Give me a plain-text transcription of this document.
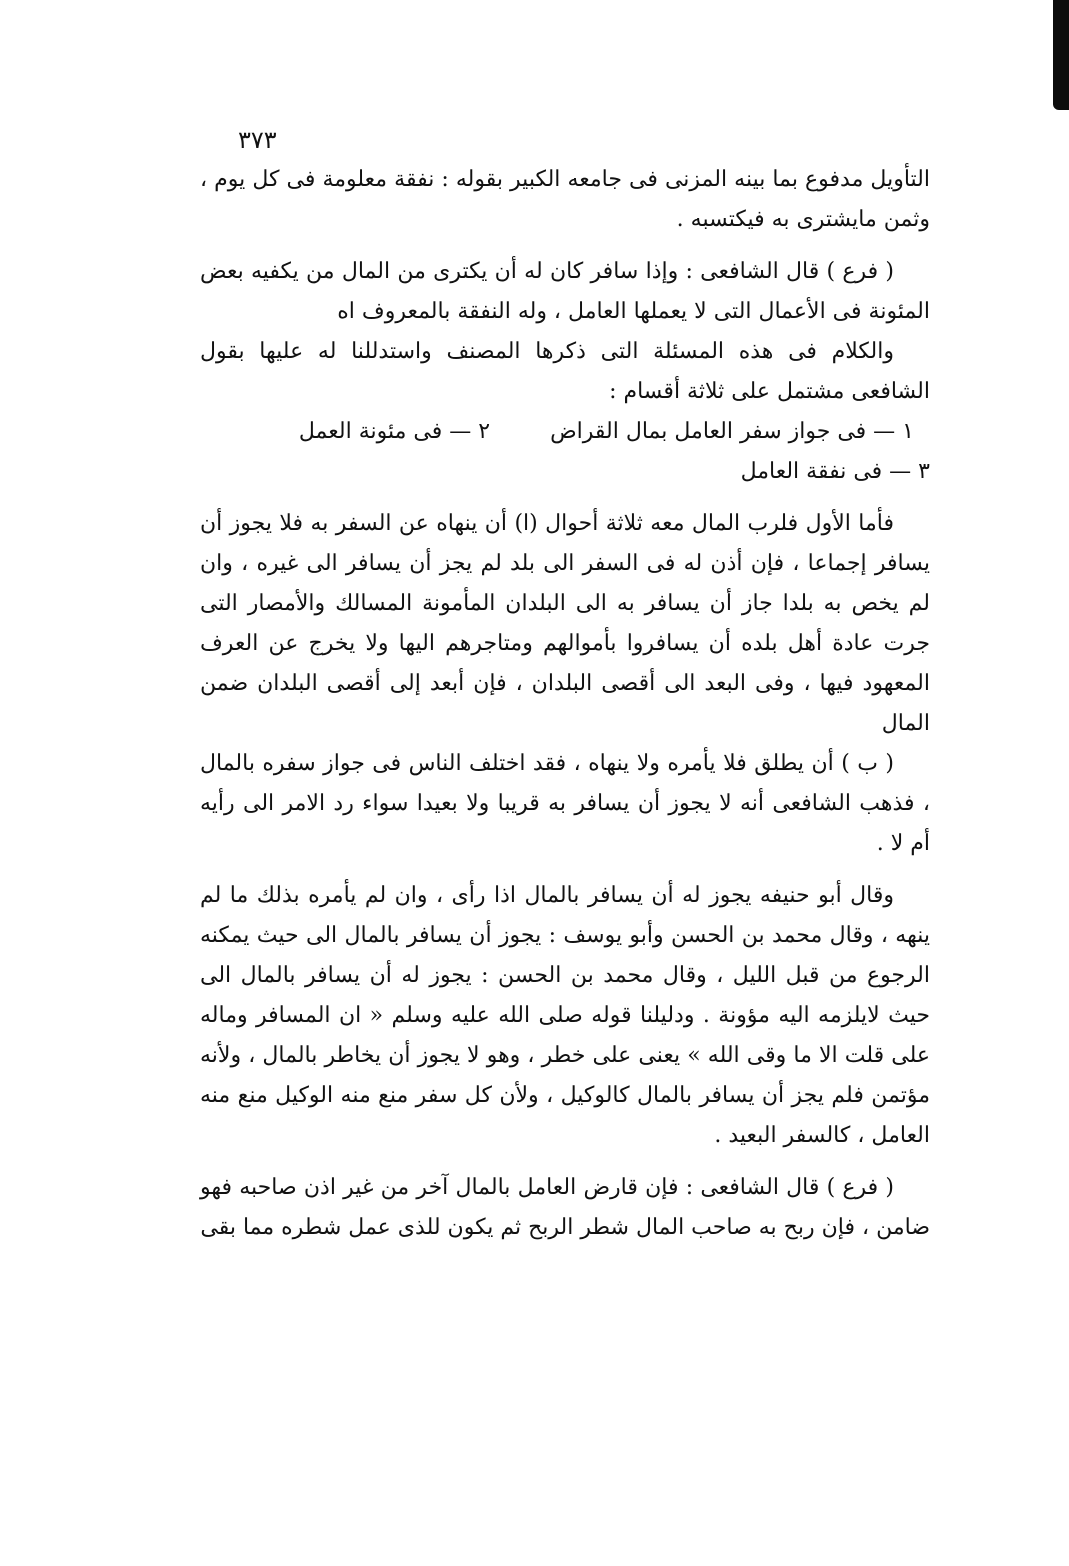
٣٧٣

التأويل مدفوع بما بينه المزنى فى جامعه الكبير بقوله : نفقة معلومة فى كل يوم ، وثمن مايشترى به فيكتسبه .

( فرع ) قال الشافعى : وإذا سافر كان له أن يكترى من المال من يكفيه بعض المئونة فى الأعمال التى لا يعملها العامل ، وله النفقة بالمعروف اه

والكلام فى هذه المسئلة التى ذكرها المصنف واستدللنا له عليها بقول الشافعى مشتمل على ثلاثة أقسام :

١ — فى جواز سفر العامل بمال القراض
٢ — فى مئونة العمل
٣ — فى نفقة العامل

فأما الأول فلرب المال معه ثلاثة أحوال (ا) أن ينهاه عن السفر به فلا يجوز أن يسافر إجماعا ، فإن أذن له فى السفر الى بلد لم يجز أن يسافر الى غيره ، وان لم يخص به بلدا جاز أن يسافر به الى البلدان المأمونة المسالك والأمصار التى جرت عادة أهل بلده أن يسافروا بأموالهم ومتاجرهم اليها ولا يخرج عن العرف المعهود فيها ، وفى البعد الى أقصى البلدان ، فإن أبعد إلى أقصى البلدان ضمن المال

( ب ) أن يطلق فلا يأمره ولا ينهاه ، فقد اختلف الناس فى جواز سفره بالمال ، فذهب الشافعى أنه لا يجوز أن يسافر به قريبا ولا بعيدا سواء رد الامر الى رأيه أم لا .

وقال أبو حنيفه يجوز له أن يسافر بالمال اذا رأى ، وان لم يأمره بذلك ما لم ينهه ، وقال محمد بن الحسن وأبو يوسف : يجوز أن يسافر بالمال الى حيث يمكنه الرجوع من قبل الليل ، وقال محمد بن الحسن : يجوز له أن يسافر بالمال الى حيث لايلزمه اليه مؤونة . ودليلنا قوله صلى الله عليه وسلم « ان المسافر وماله على قلت الا ما وقى الله » يعنى على خطر ، وهو لا يجوز أن يخاطر بالمال ، ولأنه مؤتمن فلم يجز أن يسافر بالمال كالوكيل ، ولأن كل سفر منع منه الوكيل منع منه العامل ، كالسفر البعيد .

( فرع ) قال الشافعى : فإن قارض العامل بالمال آخر من غير اذن صاحبه فهو ضامن ، فإن ربح به صاحب المال شطر الربح ثم يكون للذى عمل شطره مما بقى
